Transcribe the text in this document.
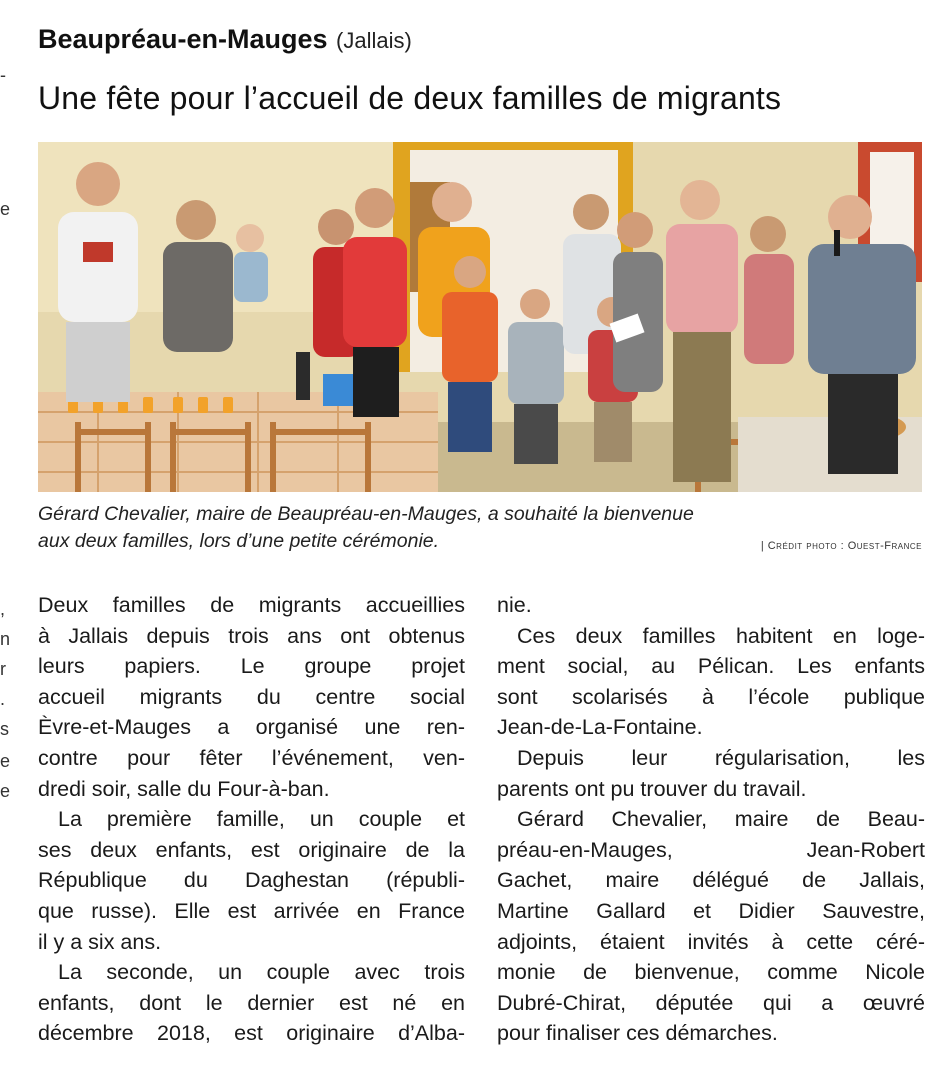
-
e
,
n
r
.
s
e
e
Beaupréau-en-Mauges (Jallais)
Une fête pour l’accueil de deux familles de migrants
Gérard Chevalier, maire de Beaupréau-en-Mauges, a souhaité la bienvenue
aux deux familles, lors d’une petite cérémonie.	| Crédit photo : Ouest-France
Deux familles de migrants accueillies
à Jallais depuis trois ans ont obtenus
leurs papiers. Le groupe projet
accueil migrants du centre social
Èvre-et-Mauges a organisé une ren-
contre pour fêter l’événement, ven-
dredi soir, salle du Four-à-ban.
La première famille, un couple et
ses deux enfants, est originaire de la
République du Daghestan (républi-
que russe). Elle est arrivée en France
il y a six ans.
La seconde, un couple avec trois
enfants, dont le dernier est né en
décembre 2018, est originaire d’Alba-
nie.
Ces deux familles habitent en loge-
ment social, au Pélican. Les enfants
sont scolarisés à l’école publique
Jean-de-La-Fontaine.
Depuis leur régularisation, les
parents ont pu trouver du travail.
Gérard Chevalier, maire de Beau-
préau-en-Mauges, Jean-Robert
Gachet, maire délégué de Jallais,
Martine Gallard et Didier Sauvestre,
adjoints, étaient invités à cette céré-
monie de bienvenue, comme Nicole
Dubré-Chirat, députée qui a œuvré
pour finaliser ces démarches.
